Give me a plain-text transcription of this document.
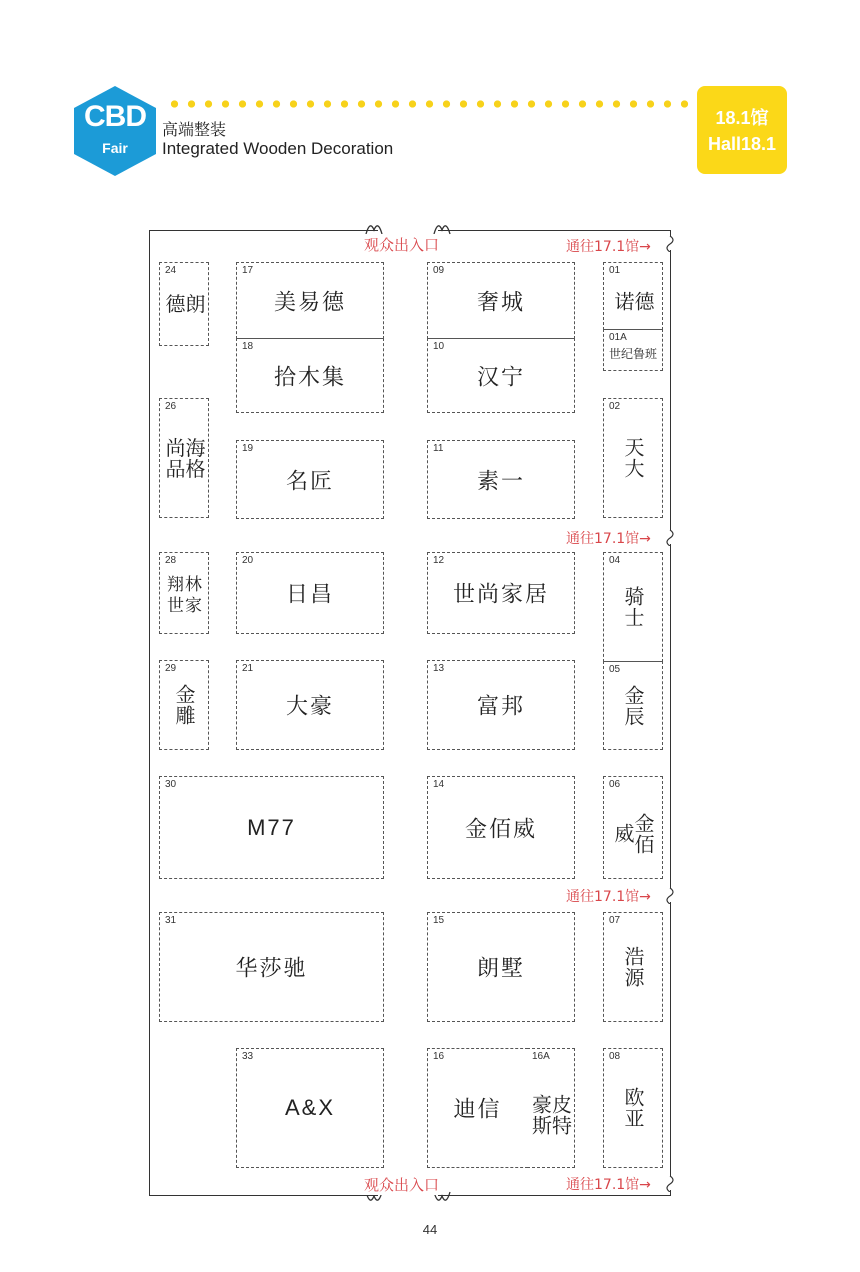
CBD
Fair
高端整装
Integrated Wooden Decoration
18.1馆
Hall18.1
观众出入口
观众出入口
通往17.1馆→
通往17.1馆→
通往17.1馆→
通往17.1馆→
24
朗德
26
海格尚品
28
翔林世家
29
金雕
30
M77
31
华莎驰
33
A&X
17
美易德
18
拾木集
19
名匠
20
日昌
21
大豪
09
奢城
10
汉宁
11
素一
12
世尚家居
13
富邦
14
金佰威
15
朗墅
16
迪信
16A
皮特豪斯
01
德诺
01A
世纪鲁班
02
天大
04
骑士
05
金辰
06
金佰威
07
浩源
08
欧亚
44
